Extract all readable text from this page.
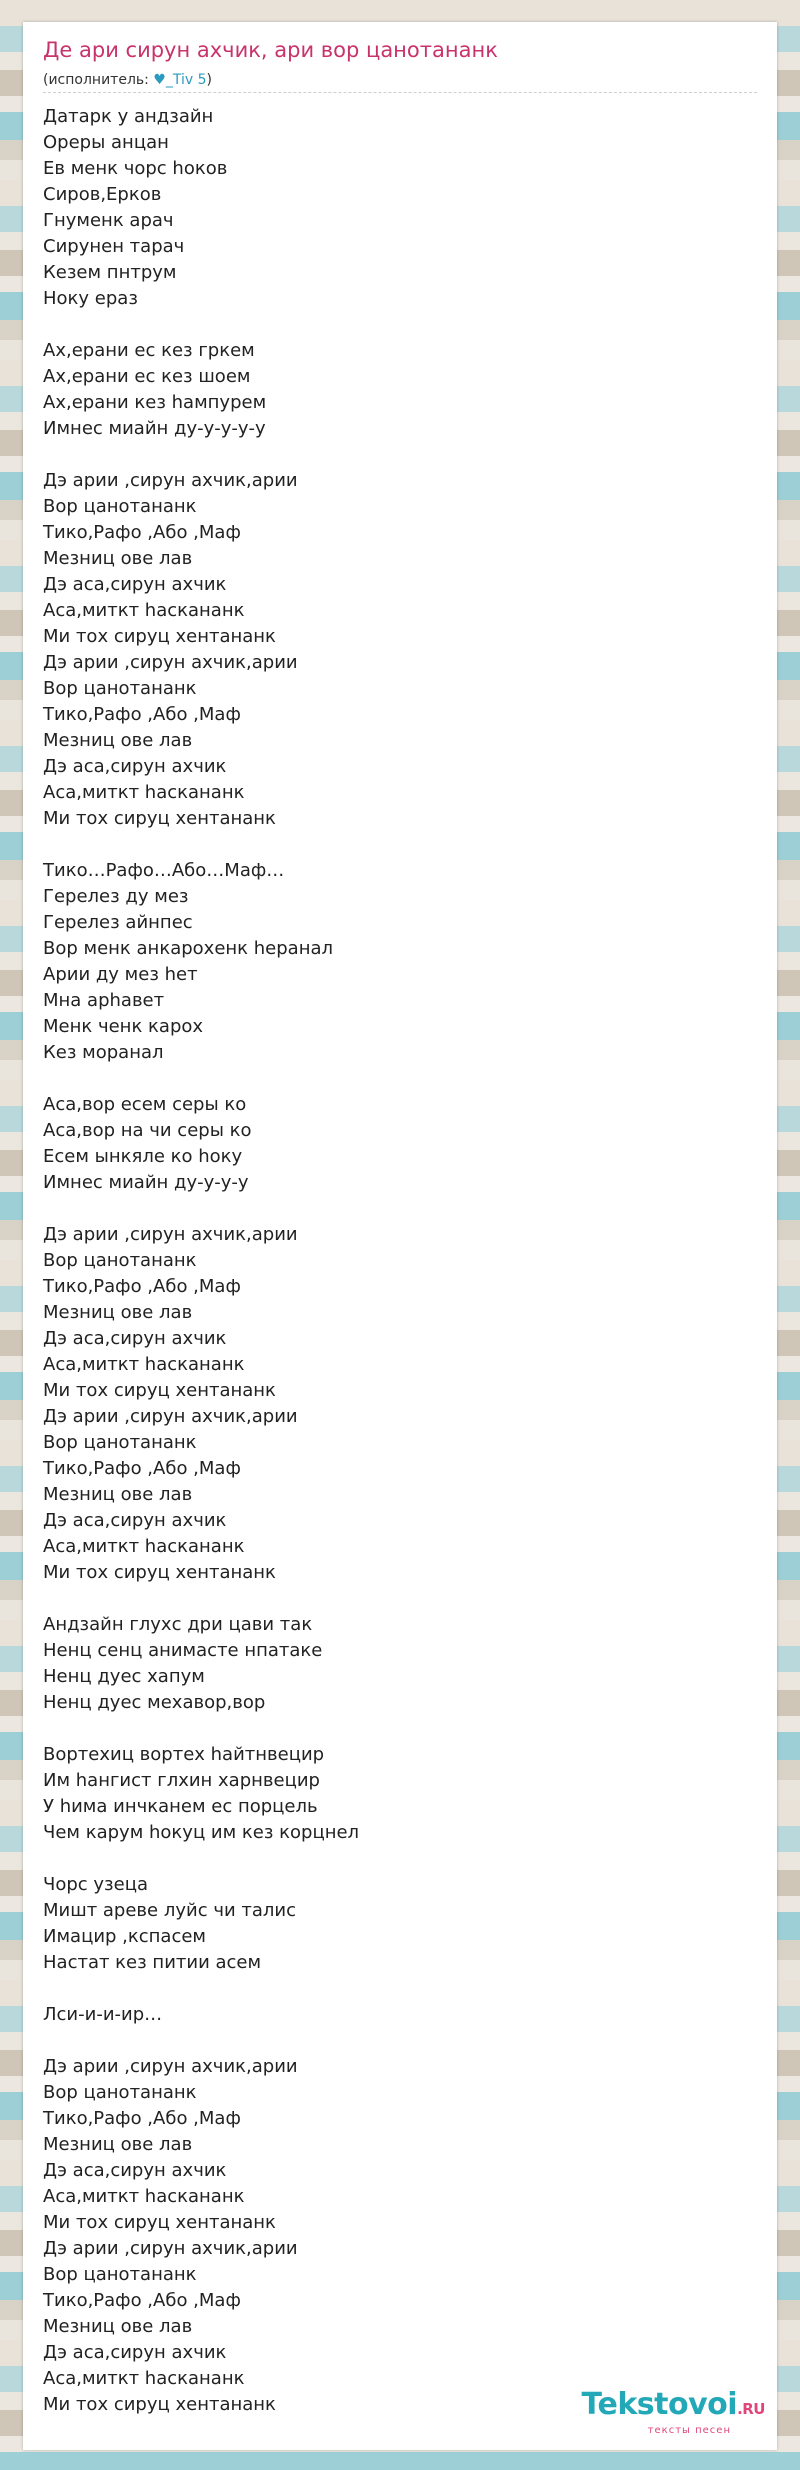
Де ари сирун ахчик, ари вор цанотананк
(исполнитель: ♥_Tiv 5)
Датарк у андзайн
Ореры анцан
Ев менк чорс hоков
Сиров,Ерков
Гнуменк арач
Сирунен тарач
Кезем пнтрум
Ноку ераз
Ах,ерани ес кез гркем
Ах,ерани ес кез шоем
Ах,ерани кез hампурем
Имнес миайн ду-у-у-у-у
Дэ арии ,сирун ахчик,арии
Вор цанотананк
Тико,Рафо ,Або ,Маф
Мезниц ове лав
Дэ аса,сирун ахчик
Аса,миткт hаскананк
Ми тох сируц хентананк
Дэ арии ,сирун ахчик,арии
Вор цанотананк
Тико,Рафо ,Або ,Маф
Мезниц ове лав
Дэ аса,сирун ахчик
Аса,миткт hаскананк
Ми тох сируц хентананк
Тико…Рафо…Або…Маф…
Герелез ду мез
Герелез айнпес
Вор менк анкарохенк hеранал
Арии ду мез hет
Мна арhавет
Менк ченк карох
Кез моранал
Аса,вор есем серы ко
Аса,вор на чи серы ко
Есем ынкяле ко hоку
Имнес миайн ду-у-у-у
Дэ арии ,сирун ахчик,арии
Вор цанотананк
Тико,Рафо ,Або ,Маф
Мезниц ове лав
Дэ аса,сирун ахчик
Аса,миткт hаскананк
Ми тох сируц хентананк
Дэ арии ,сирун ахчик,арии
Вор цанотананк
Тико,Рафо ,Або ,Маф
Мезниц ове лав
Дэ аса,сирун ахчик
Аса,миткт hаскананк
Ми тох сируц хентананк
Андзайн глухс дри цави так
Ненц сенц анимасте нпатаке
Ненц дуес хапум
Ненц дуес мехавор,вор
Вортехиц вортех hайтнвецир
Им hангист глхин харнвецир
У hима инчканем ес порцель
Чем карум hокуц им кез корцнел
Чорс узеца
Мишт ареве луйс чи талис
Имацир ,кспасем
Настат кез питии асем
Лси-и-и-ир…
Дэ арии ,сирун ахчик,арии
Вор цанотананк
Тико,Рафо ,Або ,Маф
Мезниц ове лав
Дэ аса,сирун ахчик
Аса,миткт hаскананк
Ми тох сируц хентананк
Дэ арии ,сирун ахчик,арии
Вор цанотананк
Тико,Рафо ,Або ,Маф
Мезниц ове лав
Дэ аса,сирун ахчик
Аса,миткт hаскананк
Ми тох сируц хентананк	Tekstovoi.RU
тексты песен
